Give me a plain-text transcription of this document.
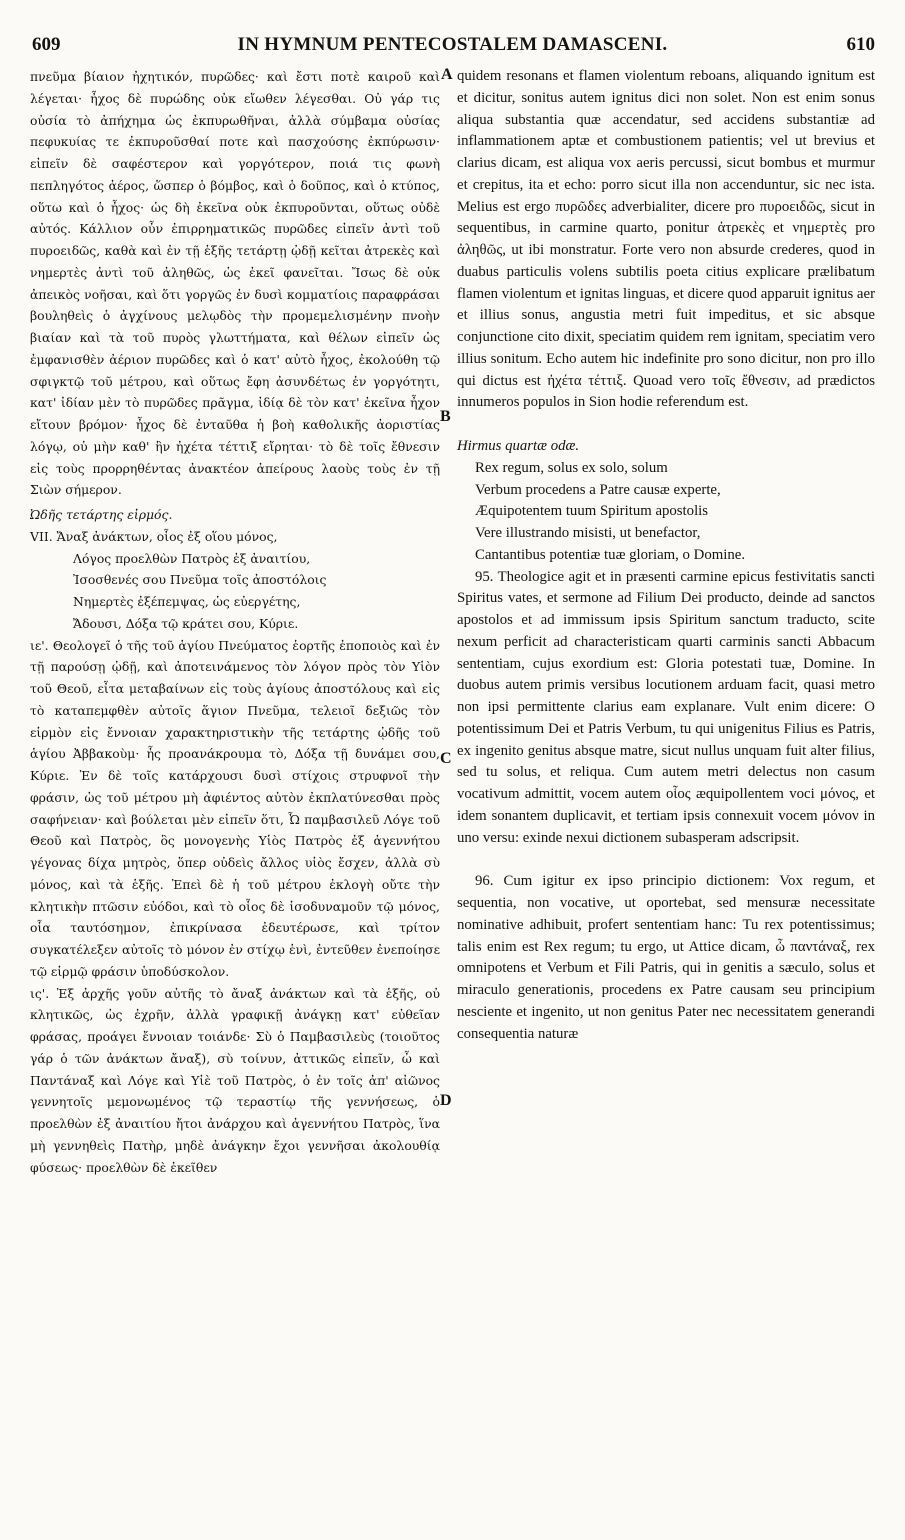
609	IN HYMNUM PENTECOSTALEM DAMASCENI.	610

πνεῦμα βίαιον ἠχητικόν, πυρῶδες· καὶ ἔστι ποτὲ καιροῦ καὶ λέγεται· ἦχος δὲ πυρώδης οὐκ εἴωθεν λέγεσθαι. Οὐ γάρ τις οὐσία τὸ ἀπήχημα ὡς ἐκπυρωθῆναι, ἀλλὰ σύμβαμα οὐσίας πεφυκυίας τε ἐκπυροῦσθαί ποτε καὶ πασχούσης ἐκπύρωσιν· εἰπεῖν δὲ σαφέστερον καὶ γοργότερον, ποιά τις φωνὴ πεπληγότος ἀέρος, ὥσπερ ὁ βόμβος, καὶ ὁ δοῦπος, καὶ ὁ κτύπος, οὕτω καὶ ὁ ἦχος· ὡς δὴ ἐκεῖνα οὐκ ἐκπυροῦνται, οὕτως οὐδὲ αὐτός. Κάλλιον οὖν ἐπιρρηματικῶς πυρῶδες εἰπεῖν ἀντὶ τοῦ πυροειδῶς, καθὰ καὶ ἐν τῇ ἑξῆς τετάρτῃ ᾠδῇ κεῖται ἀτρεκὲς καὶ νημερτὲς ἀντὶ τοῦ ἀληθῶς, ὡς ἐκεῖ φανεῖται. Ἴσως δὲ οὐκ ἀπεικὸς νοῆσαι, καὶ ὅτι γοργῶς ἐν δυσὶ κομματίοις παραφράσαι βουληθεὶς ὁ ἀγχίνους μελῳδὸς τὴν προμεμελισμένην πνοὴν βιαίαν καὶ τὰ τοῦ πυρὸς γλωττήματα, καὶ θέλων εἰπεῖν ὡς ἐμφανισθὲν ἀέριον πυρῶδες καὶ ὁ κατ' αὐτὸ ἦχος, ἐκολούθη τῷ σφιγκτῷ τοῦ μέτρου, καὶ οὕτως ἔφη ἀσυνδέτως ἐν γοργότητι, κατ' ἰδίαν μὲν τὸ πυρῶδες πρᾶγμα, ἰδίᾳ δὲ τὸν κατ' ἐκεῖνα ἦχον εἴτουν βρόμον· ἦχος δὲ ἐνταῦθα ἡ βοὴ καθολικῆς ἀοριστίας λόγῳ, οὐ μὴν καθ' ἣν ἠχέτα τέττιξ εἴρηται· τὸ δὲ τοῖς ἔθνεσιν εἰς τοὺς προρρηθέντας ἀνακτέον ἀπείρους λαοὺς τοὺς ἐν τῇ Σιὼν σήμερον.

Ὠδῆς τετάρτης εἱρμός.

VII. Ἄναξ ἀνάκτων, οἷος ἐξ οἵου μόνος,
Λόγος προελθὼν Πατρὸς ἐξ ἀναιτίου,
Ἰσοσθενές σου Πνεῦμα τοῖς ἀποστόλοις
Νημερτὲς ἐξέπεμψας, ὡς εὐεργέτης,
Ἄδουσι, Δόξα τῷ κράτει σου, Κύριε.

ιε'. Θεολογεῖ ὁ τῆς τοῦ ἁγίου Πνεύματος ἑορτῆς ἐποποιὸς καὶ ἐν τῇ παρούσῃ ᾠδῇ, καὶ ἀποτεινάμενος τὸν λόγον πρὸς τὸν Υἱὸν τοῦ Θεοῦ, εἶτα μεταβαίνων εἰς τοὺς ἁγίους ἀποστόλους καὶ εἰς τὸ καταπεμφθὲν αὐτοῖς ἅγιον Πνεῦμα, τελειοῖ δεξιῶς τὸν εἱρμὸν εἰς ἔννοιαν χαρακτηριστικὴν τῆς τετάρτης ᾠδῆς τοῦ ἁγίου Ἀββακοὺμ· ἧς προανάκρουμα τὸ, Δόξα τῇ δυνάμει σου, Κύριε. Ἐν δὲ τοῖς κατάρχουσι δυσὶ στίχοις στρυφνοῖ τὴν φράσιν, ὡς τοῦ μέτρου μὴ ἀφιέντος αὐτὸν ἐκπλατύνεσθαι πρὸς σαφήνειαν· καὶ βούλεται μὲν εἰπεῖν ὅτι, Ὦ παμβασιλεῦ Λόγε τοῦ Θεοῦ καὶ Πατρὸς, ὃς μονογενὴς Υἱὸς Πατρὸς ἐξ ἀγεννήτου γέγονας δίχα μητρὸς, ὅπερ οὐδεὶς ἄλλος υἱὸς ἔσχεν, ἀλλὰ σὺ μόνος, καὶ τὰ ἑξῆς. Ἐπεὶ δὲ ἡ τοῦ μέτρου ἐκλογὴ οὔτε τὴν κλητικὴν πτῶσιν εὐόδοι, καὶ τὸ οἷος δὲ ἰσοδυναμοῦν τῷ μόνος, οἷα ταυτόσημον, ἐπικρίνασα ἐδευτέρωσε, καὶ τρίτον συγκατέλεξεν αὐτοῖς τὸ μόνον ἐν στίχῳ ἑνὶ, ἐντεῦθεν ἐνεποίησε τῷ εἱρμῷ φράσιν ὑποδύσκολον.

ις'. Ἐξ ἀρχῆς γοῦν αὐτῆς τὸ ἄναξ ἀνάκτων καὶ τὰ ἑξῆς, οὐ κλητικῶς, ὡς ἐχρῆν, ἀλλὰ γραφικῇ ἀνάγκῃ κατ' εὐθεῖαν φράσας, προάγει ἔννοιαν τοιάνδε· Σὺ ὁ Παμβασιλεὺς (τοιοῦτος γάρ ὁ τῶν ἀνάκτων ἄναξ), σὺ τοίνυν, ἀττικῶς εἰπεῖν, ὦ καὶ Παντάναξ καὶ Λόγε καὶ Υἱὲ τοῦ Πατρὸς, ὁ ἐν τοῖς ἀπ' αἰῶνος γεννητοῖς μεμονωμένος τῷ τεραστίῳ τῆς γεννήσεως, ὁ προελθὼν ἐξ ἀναιτίου ἤτοι ἀνάρχου καὶ ἀγεννήτου Πατρὸς, ἵνα μὴ γεννηθεὶς Πατὴρ, μηδὲ ἀνάγκην ἔχοι γεννῆσαι ἀκολουθίᾳ φύσεως· προελθὼν δὲ ἐκεῖθεν

quidem resonans et flamen violentum reboans, aliquando ignitum est et dicitur, sonitus autem ignitus dici non solet. Non est enim sonus aliqua substantia quæ accendatur, sed accidens substantiæ ad inflammationem aptæ et combustionem patientis; vel ut brevius et clarius dicam, est aliqua vox aeris percussi, sicut bombus et murmur et crepitus, ita et echo: porro sicut illa non accenduntur, sic nec ista. Melius est ergo πυρῶδες adverbialiter, dicere pro πυροειδῶς, sicut in sequentibus, in carmine quarto, ponitur ἀτρεκὲς et νημερτὲς pro ἀληθῶς, ut ibi monstratur. Forte vero non absurde crederes, quod in duabus particulis volens subtilis poeta citius explicare prælibatum flamen violentum et ignitas linguas, et dicere quod apparuit ignitus aer et illius sonus, angustia metri fuit impeditus, et sic absque conjunctione cito dixit, speciatim quidem rem ignitam, speciatim vero illius sonitum. Echo autem hic indefinite pro sono dicitur, non pro illo qui dictus est ἠχέτα τέττιξ. Quoad vero τοῖς ἔθνεσιν, ad prædictos innumeros populos in Sion hodie referendum est.

Hirmus quartæ odæ.

Rex regum, solus ex solo, solum
Verbum procedens a Patre causæ experte,
Æquipotentem tuum Spiritum apostolis
Vere illustrando misisti, ut benefactor,
Cantantibus potentiæ tuæ gloriam, o Domine.

95. Theologice agit et in præsenti carmine epicus festivitatis sancti Spiritus vates, et sermone ad Filium Dei producto, deinde ad sanctos apostolos et ad immissum ipsis Spiritum sanctum traducto, scite nexum perficit ad characteristicam quarti carminis sancti Abbacum sententiam, cujus exordium est: Gloria potestati tuæ, Domine. In duobus autem primis versibus locutionem arduam facit, quasi metro non ipsi permittente clarius eam explanare. Vult enim dicere: O potentissimum Dei et Patris Verbum, tu qui unigenitus Filius es Patris, ex ingenito genitus absque matre, sicut nullus unquam fuit alter filius, sed tu solus, et reliqua. Cum autem metri delectus non casum vocativum admittit, vocem autem οἷος æquipollentem voci μόνος, et idem sonantem duplicavit, et tertiam ipsis connexuit vocem μόνον in uno versu: exinde nexui dictionem subasperam adscripsit.

96. Cum igitur ex ipso principio dictionem: Vox regum, et sequentia, non vocative, ut oportebat, sed mensuræ necessitate nominative adhibuit, profert sententiam hanc: Tu rex potentissimus; talis enim est Rex regum; tu ergo, ut Attice dicam, ὦ παντάναξ, rex omnipotens et Verbum et Fili Patris, qui in genitis a sæculo, solus et miraculo generationis, procedens ex Patre causam seu principium nesciente et ingenito, ut non genitus Pater nec necessitatem generandi consequentia naturæ

A
B
C
D
